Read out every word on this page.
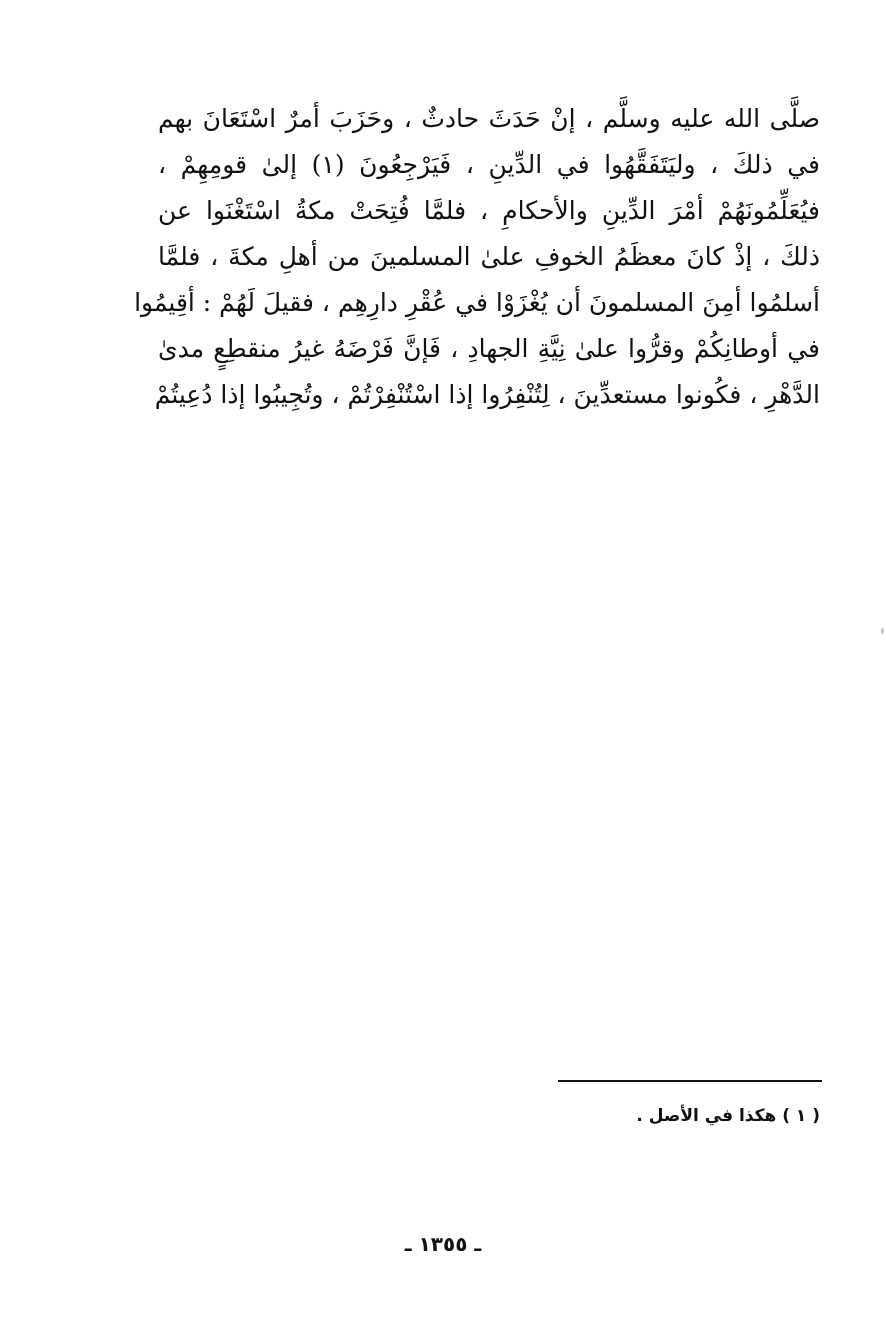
صلَّى الله عليه وسلَّم ، إنْ حَدَثَ حادثٌ ، وحَزَبَ أمرٌ اسْتَعَانَ بهم
في ذلكَ ، وليَتَفَقَّهُوا في الدِّينِ ، فَيَرْجِعُونَ (١) إلىٰ قومِهِمْ ،
فيُعَلِّمُونَهُمْ أمْرَ الدِّينِ والأحكامِ ، فلمَّا فُتِحَتْ مكةُ اسْتَغْنَوا عن
ذلكَ ، إذْ كانَ معظَمُ الخوفِ علىٰ المسلمينَ من أهلِ مكةَ ، فلمَّا
أسلمُوا أمِنَ المسلمونَ أن يُغْزَوْا في عُقْرِ دارِهِم ، فقيلَ لَهُمْ : أقِيمُوا
في أوطانِكُمْ وقرُّوا علىٰ نِيَّةِ الجهادِ ، فَإنَّ فَرْضَهُ غيرُ منقطِعٍ مدىٰ
الدَّهْرِ ، فكُونوا مستعدِّينَ ، لِتُنْفِرُوا إذا اسْتُنْفِرْتُمْ ، وتُجِيبُوا إذا دُعِيتُمْ
( ١ ) هكذا في الأصل .
ـ ١٣٥٥ ـ
